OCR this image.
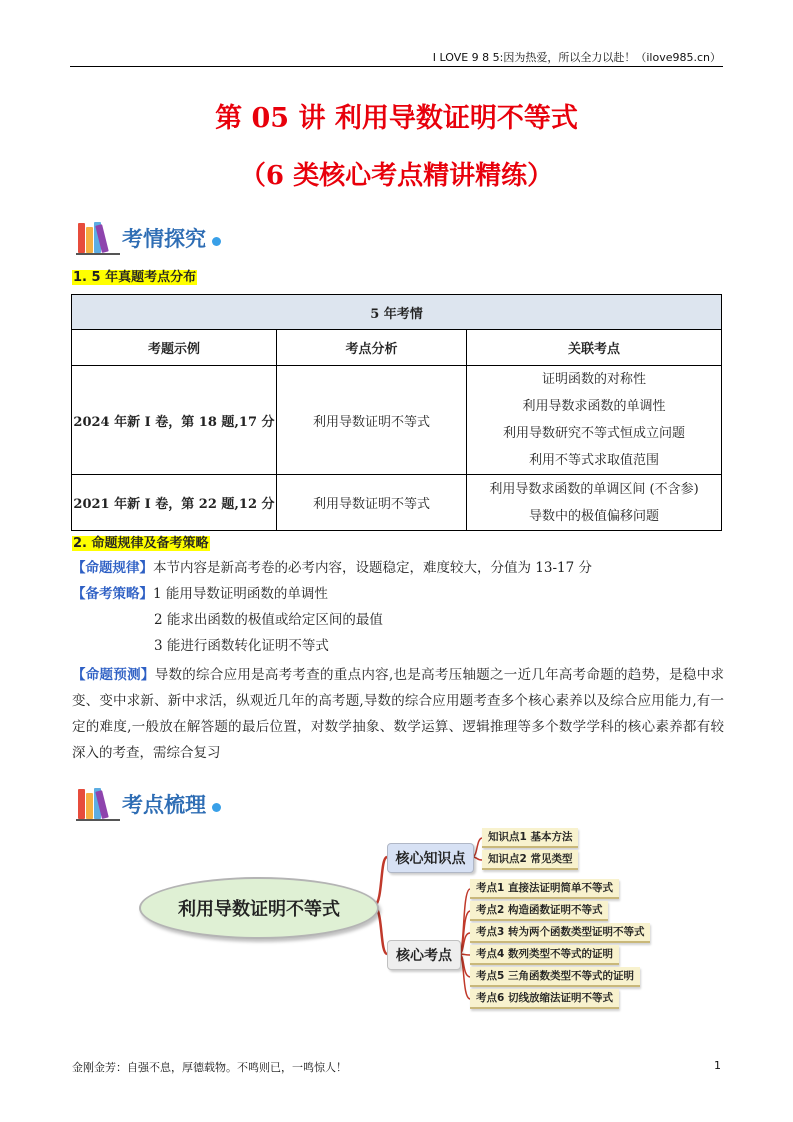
I LOVE 9 8 5:因为热爱，所以全力以赴！（ilove985.cn）
第 05 讲 利用导数证明不等式
（6 类核心考点精讲精练）
考情探究
1. 5 年真题考点分布
5 年考情		
考题示例	考点分析	关联考点
2024 年新 I 卷，第 18 题,17 分	利用导数证明不等式	证明函数的对称性
利用导数求函数的单调性
利用导数研究不等式恒成立问题
利用不等式求取值范围

2021 年新 I 卷，第 22 题,12 分	利用导数证明不等式	利用导数求函数的单调区间 (不含参)
导数中的极值偏移问题
2. 命题规律及备考策略
【命题规律】本节内容是新高考卷的必考内容，设题稳定，难度较大，分值为 13-17 分
【备考策略】1 能用导数证明函数的单调性
2 能求出函数的极值或给定区间的最值
3 能进行函数转化证明不等式
【命题预测】导数的综合应用是高考考查的重点内容,也是高考压轴题之一近几年高考命题的趋势，是稳中求变、变中求新、新中求活，纵观近几年的高考题,导数的综合应用题考查多个核心素养以及综合应用能力,有一定的难度,一般放在解答题的最后位置，对数学抽象、数学运算、逻辑推理等多个数学学科的核心素养都有较深入的考查，需综合复习
考点梳理
利用导数证明不等式
核心知识点
核心考点
知识点1 基本方法
知识点2 常见类型
考点1 直接法证明简单不等式
考点2 构造函数证明不等式
考点3 转为两个函数类型证明不等式
考点4 数列类型不等式的证明
考点5 三角函数类型不等式的证明
考点6 切线放缩法证明不等式
金刚金芳：自强不息，厚德载物。不鸣则已，一鸣惊人！	1
